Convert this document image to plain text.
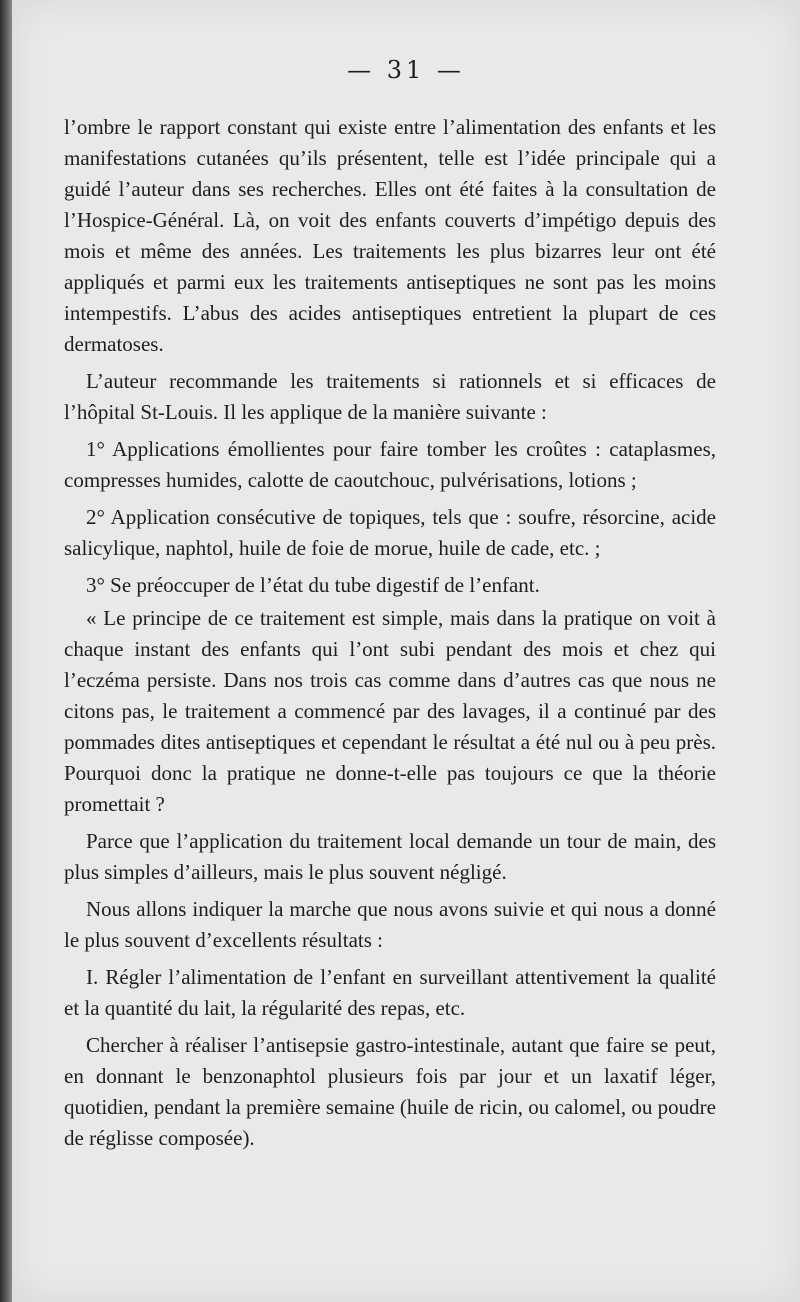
— 31 —

l’ombre le rapport constant qui existe entre l’alimentation des enfants et les manifestations cutanées qu’ils présentent, telle est l’idée principale qui a guidé l’auteur dans ses recherches. Elles ont été faites à la consultation de l’Hospice-Général. Là, on voit des enfants couverts d’impétigo depuis des mois et même des années. Les traitements les plus bizarres leur ont été appliqués et parmi eux les traitements antiseptiques ne sont pas les moins intempestifs. L’abus des acides antiseptiques entretient la plupart de ces dermatoses.

L’auteur recommande les traitements si rationnels et si efficaces de l’hôpital St-Louis. Il les applique de la manière suivante :

1° Applications émollientes pour faire tomber les croûtes : cataplasmes, compresses humides, calotte de caoutchouc, pulvérisations, lotions ;

2° Application consécutive de topiques, tels que : soufre, résorcine, acide salicylique, naphtol, huile de foie de morue, huile de cade, etc. ;

3° Se préoccuper de l’état du tube digestif de l’enfant.

« Le principe de ce traitement est simple, mais dans la pratique on voit à chaque instant des enfants qui l’ont subi pendant des mois et chez qui l’eczéma persiste. Dans nos trois cas comme dans d’autres cas que nous ne citons pas, le traitement a commencé par des lavages, il a continué par des pommades dites antiseptiques et cependant le résultat a été nul ou à peu près. Pourquoi donc la pratique ne donne-t-elle pas toujours ce que la théorie promettait ?

Parce que l’application du traitement local demande un tour de main, des plus simples d’ailleurs, mais le plus souvent négligé.

Nous allons indiquer la marche que nous avons suivie et qui nous a donné le plus souvent d’excellents résultats :

I. Régler l’alimentation de l’enfant en surveillant attentivement la qualité et la quantité du lait, la régularité des repas, etc.

Chercher à réaliser l’antisepsie gastro-intestinale, autant que faire se peut, en donnant le benzonaphtol plusieurs fois par jour et un laxatif léger, quotidien, pendant la première semaine (huile de ricin, ou calomel, ou poudre de réglisse composée).
